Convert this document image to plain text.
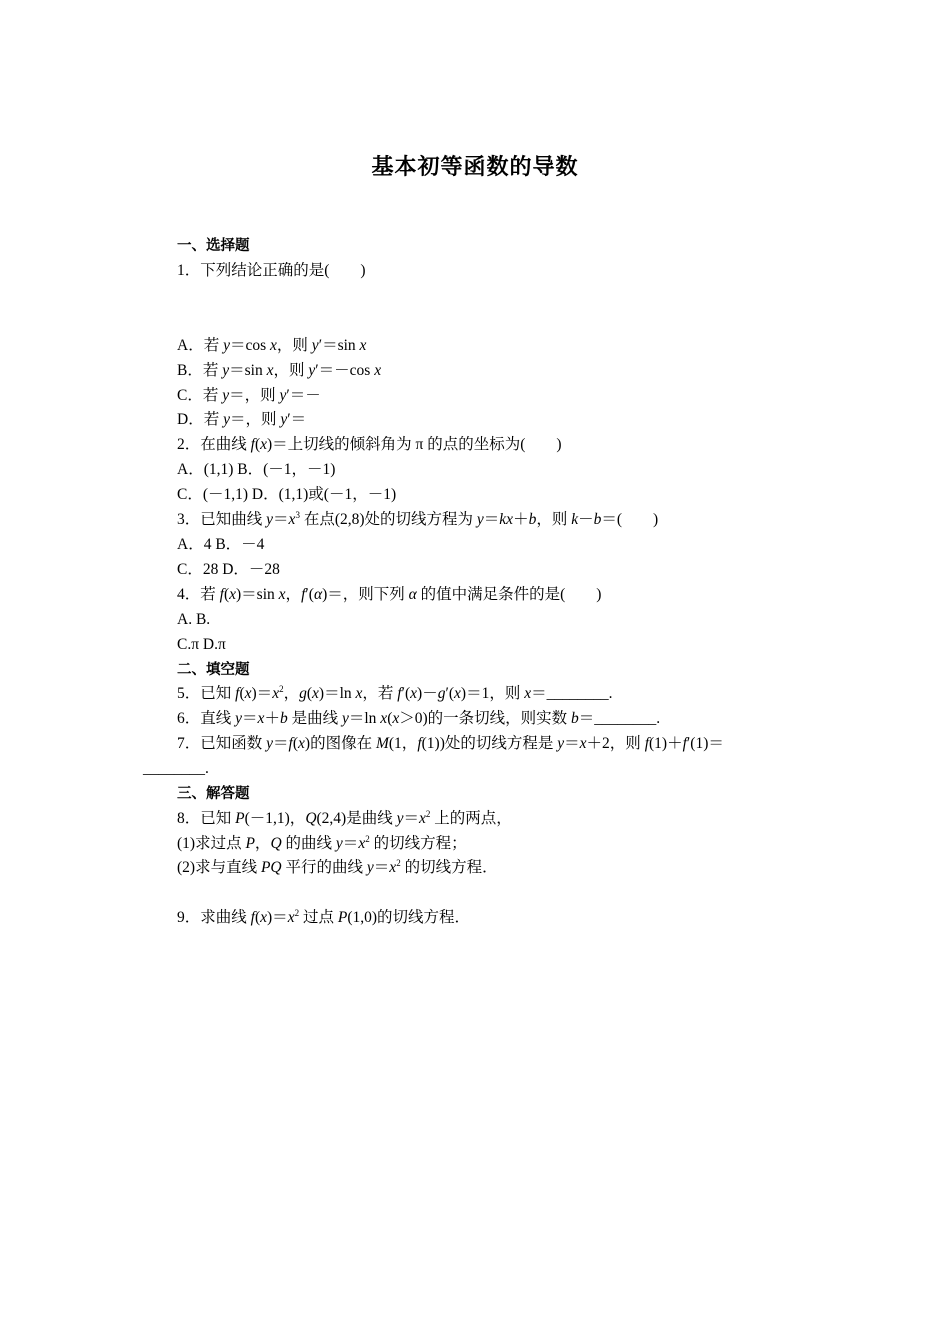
基本初等函数的导数
一、选择题
1．下列结论正确的是(　　)
A．若 y＝cos x，则 y′＝sin x
B．若 y＝sin x，则 y′＝－cos x
C．若 y＝，则 y′＝－
D．若 y＝，则 y′＝
2．在曲线 f(x)＝上切线的倾斜角为 π 的点的坐标为(　　)
A．(1,1) B．(－1，－1)
C．(－1,1) D．(1,1)或(－1，－1)
3．已知曲线 $y=x^3$ 在点(2,8)处的切线方程为 y＝kx＋b，则 k－b＝(　　)
A．4 B．－4
C．28 D．－28
4．若 f(x)＝sin x，f′(α)＝，则下列 α 的值中满足条件的是(　　)
A. B.
C.π D.π
二、填空题
5．已知 $f(x)=x^2$，g(x)＝ln x，若 f′(x)－g′(x)＝1，则 x＝________.
6．直线 y＝x＋b 是曲线 y＝ln x(x＞0)的一条切线，则实数 b＝________.
7．已知函数 y＝f(x)的图像在 M(1，f(1))处的切线方程是 y＝x＋2，则 f(1)＋f′(1)＝
________.
三、解答题
8．已知 P(－1,1)，Q(2,4)是曲线 $y=x^2$ 上的两点，
(1)求过点 P，Q 的曲线 $y=x^2$ 的切线方程；
(2)求与直线 PQ 平行的曲线 $y=x^2$ 的切线方程．
9．求曲线 $f(x)=x^2$ 过点 P(1,0)的切线方程．
